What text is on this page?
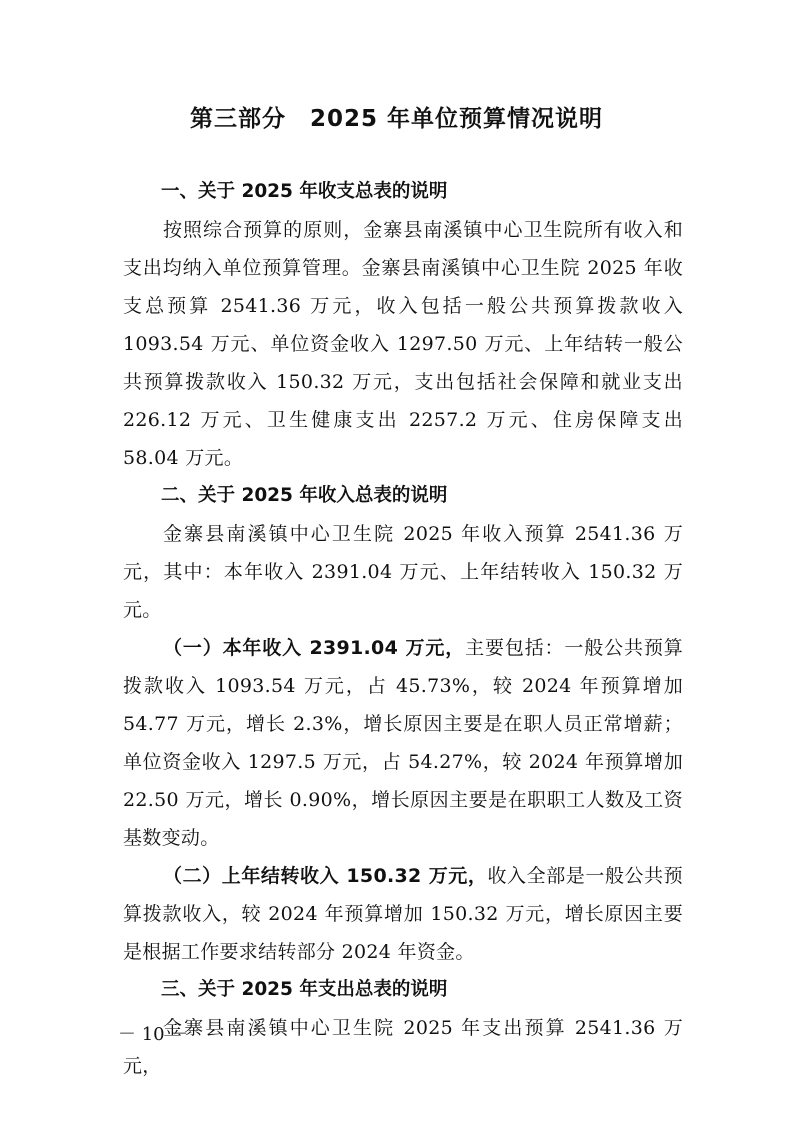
第三部分　2025 年单位预算情况说明

一、关于 2025 年收支总表的说明

按照综合预算的原则，金寨县南溪镇中心卫生院所有收入和支出均纳入单位预算管理。金寨县南溪镇中心卫生院 2025 年收支总预算 2541.36 万元，收入包括一般公共预算拨款收入 1093.54 万元、单位资金收入 1297.50 万元、上年结转一般公共预算拨款收入 150.32 万元，支出包括社会保障和就业支出 226.12 万元、卫生健康支出 2257.2 万元、住房保障支出 58.04 万元。

二、关于 2025 年收入总表的说明

金寨县南溪镇中心卫生院 2025 年收入预算 2541.36 万元，其中：本年收入 2391.04 万元、上年结转收入 150.32 万元。

（一）本年收入 2391.04 万元，主要包括：一般公共预算拨款收入 1093.54 万元，占 45.73%，较 2024 年预算增加 54.77 万元，增长 2.3%，增长原因主要是在职人员正常增薪；单位资金收入 1297.5 万元，占 54.27%，较 2024 年预算增加 22.50 万元，增长 0.90%，增长原因主要是在职职工人数及工资基数变动。

（二）上年结转收入 150.32 万元，收入全部是一般公共预算拨款收入，较 2024 年预算增加 150.32 万元，增长原因主要是根据工作要求结转部分 2024 年资金。

三、关于 2025 年支出总表的说明

金寨县南溪镇中心卫生院 2025 年支出预算 2541.36 万元，

－ 10 －
